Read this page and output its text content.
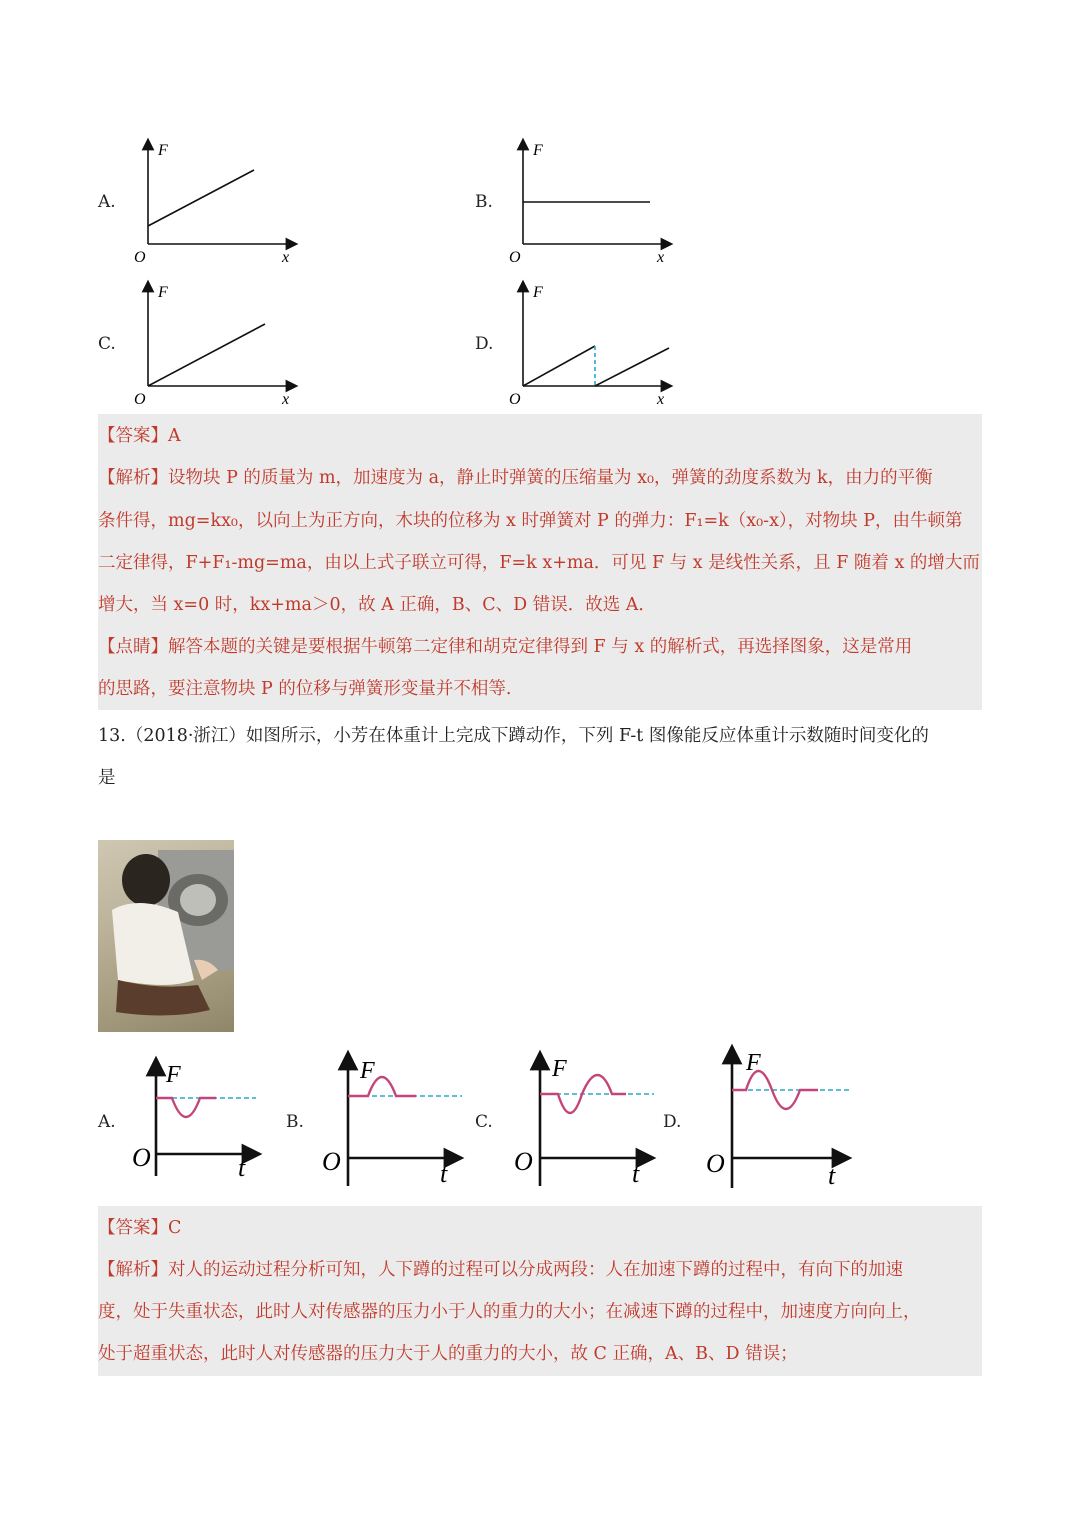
A.
F
O	x
B.
F
O	x
C.
F
O	x
D.
F
O	x
【答案】A
【解析】设物块 P 的质量为 m，加速度为 a，静止时弹簧的压缩量为 x₀，弹簧的劲度系数为 k，由力的平衡
条件得，mg=kx₀，以向上为正方向，木块的位移为 x 时弹簧对 P 的弹力：F₁=k（x₀-x），对物块 P，由牛顿第
二定律得，F+F₁-mg=ma，由以上式子联立可得，F=k x+ma．可见 F 与 x 是线性关系，且 F 随着 x 的增大而
增大，当 x=0 时，kx+ma＞0，故 A 正确，B、C、D 错误．故选 A．
【点睛】解答本题的关键是要根据牛顿第二定律和胡克定律得到 F 与 x 的解析式，再选择图象，这是常用
的思路，要注意物块 P 的位移与弹簧形变量并不相等.
13.（2018·浙江）如图所示，小芳在体重计上完成下蹲动作，下列 F-t 图像能反应体重计示数随时间变化的
是
A.
F
O	t
B.
F
O	t
C.
F
O	t
D.
F
O	t
【答案】C
【解析】对人的运动过程分析可知，人下蹲的过程可以分成两段：人在加速下蹲的过程中，有向下的加速
度，处于失重状态，此时人对传感器的压力小于人的重力的大小；在减速下蹲的过程中，加速度方向向上，
处于超重状态，此时人对传感器的压力大于人的重力的大小，故 C 正确，A、B、D 错误；
